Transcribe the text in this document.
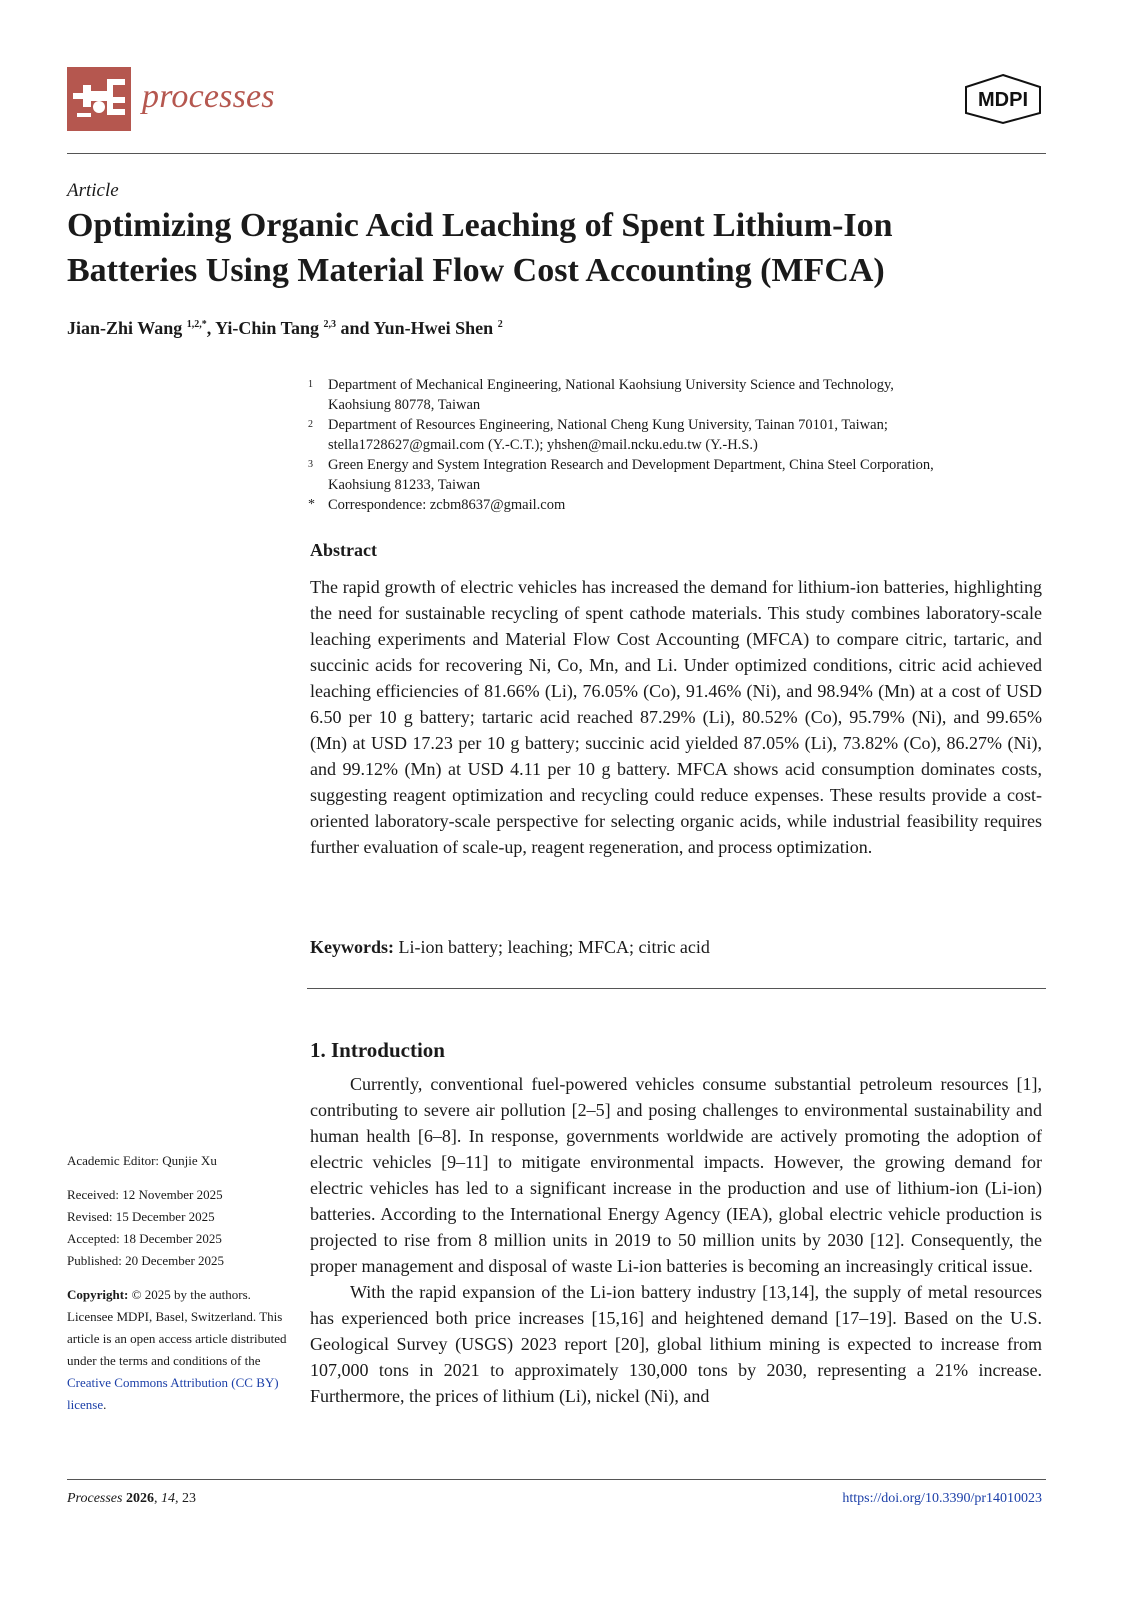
processes	MDPI
Article
Optimizing Organic Acid Leaching of Spent Lithium-Ion
Batteries Using Material Flow Cost Accounting (MFCA)
Jian-Zhi Wang $^{1,2,*}$, Yi-Chin Tang $^{2,3}$ and Yun-Hwei Shen $^2$
1 Department of Mechanical Engineering, National Kaohsiung University Science and Technology,
Kaohsiung 80778, Taiwan
2 Department of Resources Engineering, National Cheng Kung University, Tainan 70101, Taiwan;
stella1728627@gmail.com (Y.-C.T.); yhshen@mail.ncku.edu.tw (Y.-H.S.)
3 Green Energy and System Integration Research and Development Department, China Steel Corporation,
Kaohsiung 81233, Taiwan
* Correspondence: zcbm8637@gmail.com
Abstract
The rapid growth of electric vehicles has increased the demand for lithium-ion batteries, highlighting the need for sustainable recycling of spent cathode materials. This study combines laboratory-scale leaching experiments and Material Flow Cost Accounting (MFCA) to compare citric, tartaric, and succinic acids for recovering Ni, Co, Mn, and Li. Under optimized conditions, citric acid achieved leaching efficiencies of 81.66% (Li), 76.05% (Co), 91.46% (Ni), and 98.94% (Mn) at a cost of USD 6.50 per 10 g battery; tartaric acid reached 87.29% (Li), 80.52% (Co), 95.79% (Ni), and 99.65% (Mn) at USD 17.23 per 10 g battery; succinic acid yielded 87.05% (Li), 73.82% (Co), 86.27% (Ni), and 99.12% (Mn) at USD 4.11 per 10 g battery. MFCA shows acid consumption dominates costs, suggesting reagent optimization and recycling could reduce expenses. These results provide a cost-oriented laboratory-scale perspective for selecting organic acids, while industrial feasibility requires further evaluation of scale-up, reagent regeneration, and process optimization.
Keywords: Li-ion battery; leaching; MFCA; citric acid
1. Introduction

Currently, conventional fuel-powered vehicles consume substantial petroleum resources [1], contributing to severe air pollution [2–5] and posing challenges to environmental sustainability and human health [6–8]. In response, governments worldwide are actively promoting the adoption of electric vehicles [9–11] to mitigate environmental impacts. However, the growing demand for electric vehicles has led to a significant increase in the production and use of lithium-ion (Li-ion) batteries. According to the International Energy Agency (IEA), global electric vehicle production is projected to rise from 8 million units in 2019 to 50 million units by 2030 [12]. Consequently, the proper management and disposal of waste Li-ion batteries is becoming an increasingly critical issue.

With the rapid expansion of the Li-ion battery industry [13,14], the supply of metal resources has experienced both price increases [15,16] and heightened demand [17–19]. Based on the U.S. Geological Survey (USGS) 2023 report [20], global lithium mining is expected to increase from 107,000 tons in 2021 to approximately 130,000 tons by 2030, representing a 21% increase. Furthermore, the prices of lithium (Li), nickel (Ni), and

Academic Editor: Qunjie Xu
Received: 12 November 2025
Revised: 15 December 2025
Accepted: 18 December 2025
Published: 20 December 2025
Copyright: © 2025 by the authors. Licensee MDPI, Basel, Switzerland. This article is an open access article distributed under the terms and conditions of the Creative Commons Attribution (CC BY) license.
Processes 2026, 14, 23	https://doi.org/10.3390/pr14010023
